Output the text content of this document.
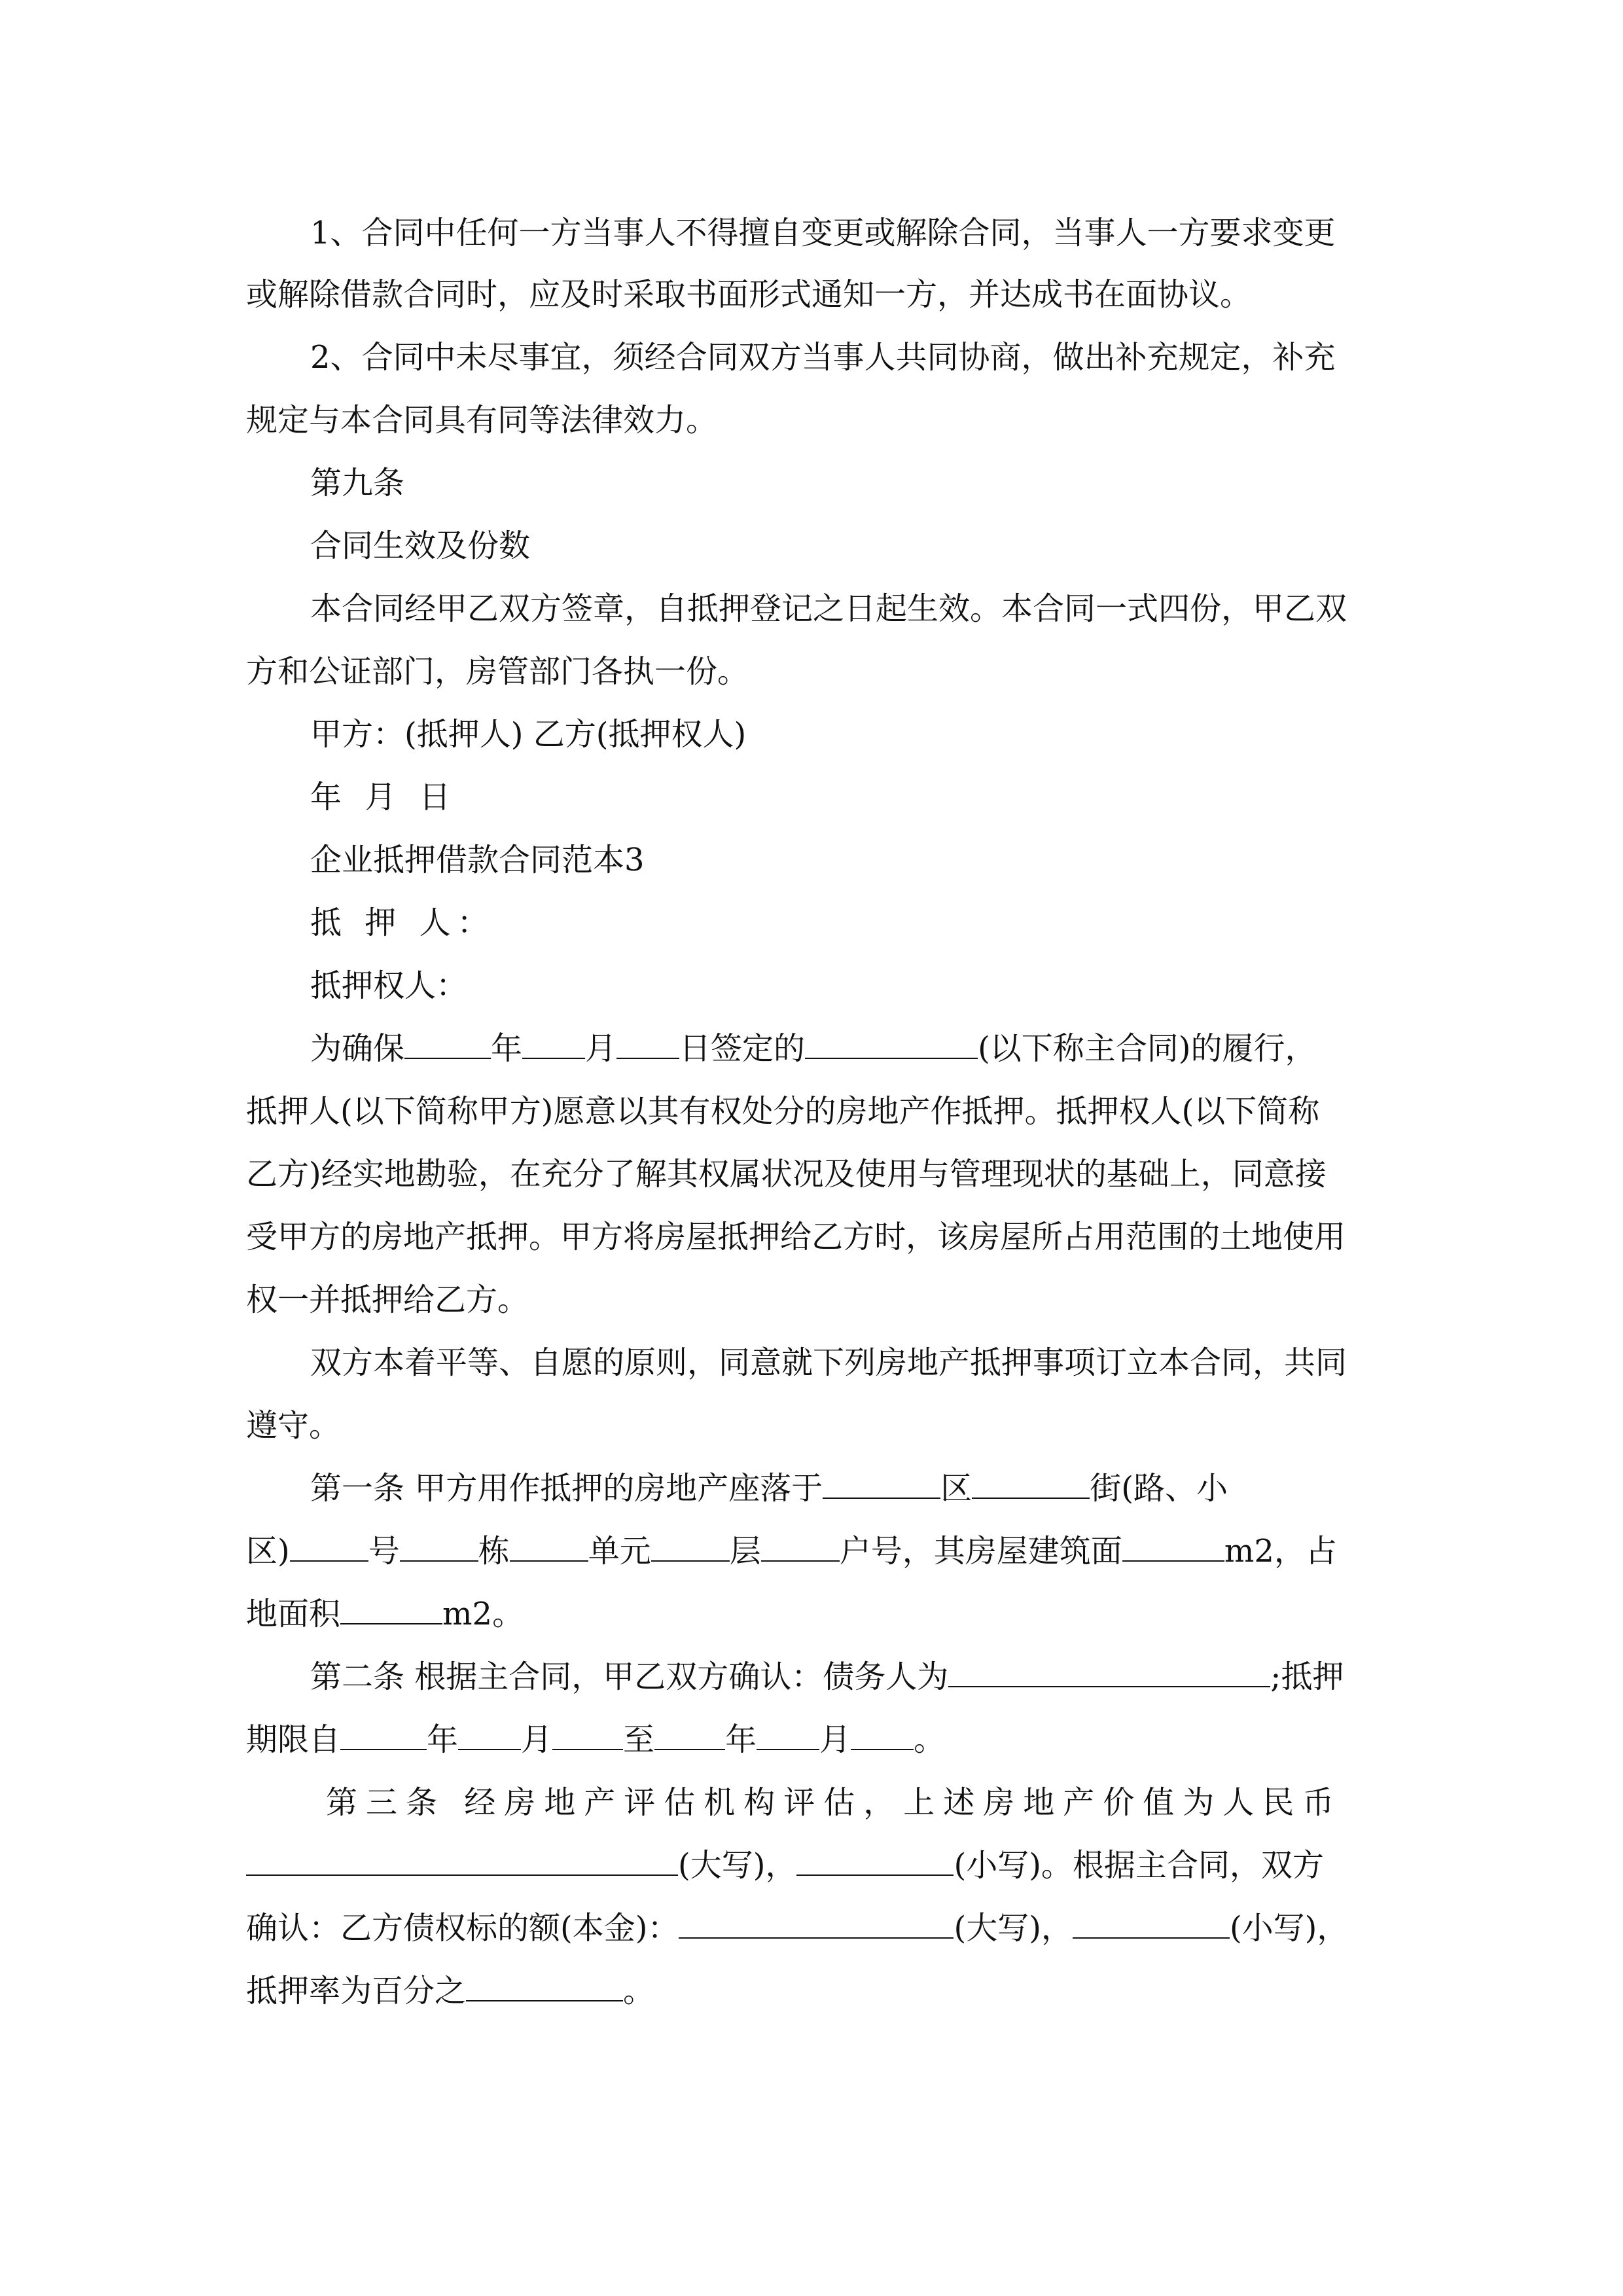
1、合同中任何一方当事人不得擅自变更或解除合同，当事人一方要求变更

或解除借款合同时，应及时采取书面形式通知一方，并达成书在面协议。

2、合同中未尽事宜，须经合同双方当事人共同协商，做出补充规定，补充

规定与本合同具有同等法律效力。

第九条

合同生效及份数

本合同经甲乙双方签章，自抵押登记之日起生效。本合同一式四份，甲乙双

方和公证部门，房管部门各执一份。

甲方：(抵押人) 乙方(抵押权人)

年 月 日

企业抵押借款合同范本3

抵 押 人：

抵押权人：

为确保	年 月 日签定的	(以下称主合同)的履行，

抵押人(以下简称甲方)愿意以其有权处分的房地产作抵押。抵押权人(以下简称

乙方)经实地勘验，在充分了解其权属状况及使用与管理现状的基础上，同意接

受甲方的房地产抵押。甲方将房屋抵押给乙方时，该房屋所占用范围的土地使用

权一并抵押给乙方。

双方本着平等、自愿的原则，同意就下列房地产抵押事项订立本合同，共同

遵守。

第一条 甲方用作抵押的房地产座落于	区	街(路、小

区)	号	栋	单元	层	户号，其房屋建筑面	m2，占

地面积	m2。

第二条 根据主合同，甲乙双方确认：债务人为	;抵押

期限自	年 月 至 年 月 。

第三条 经房地产评估机构评估，上述房地产价值为人民币

(大写)，	(小写)。根据主合同，双方

确认：乙方债权标的额(本金)：	(大写)，	(小写)，

抵押率为百分之	。
